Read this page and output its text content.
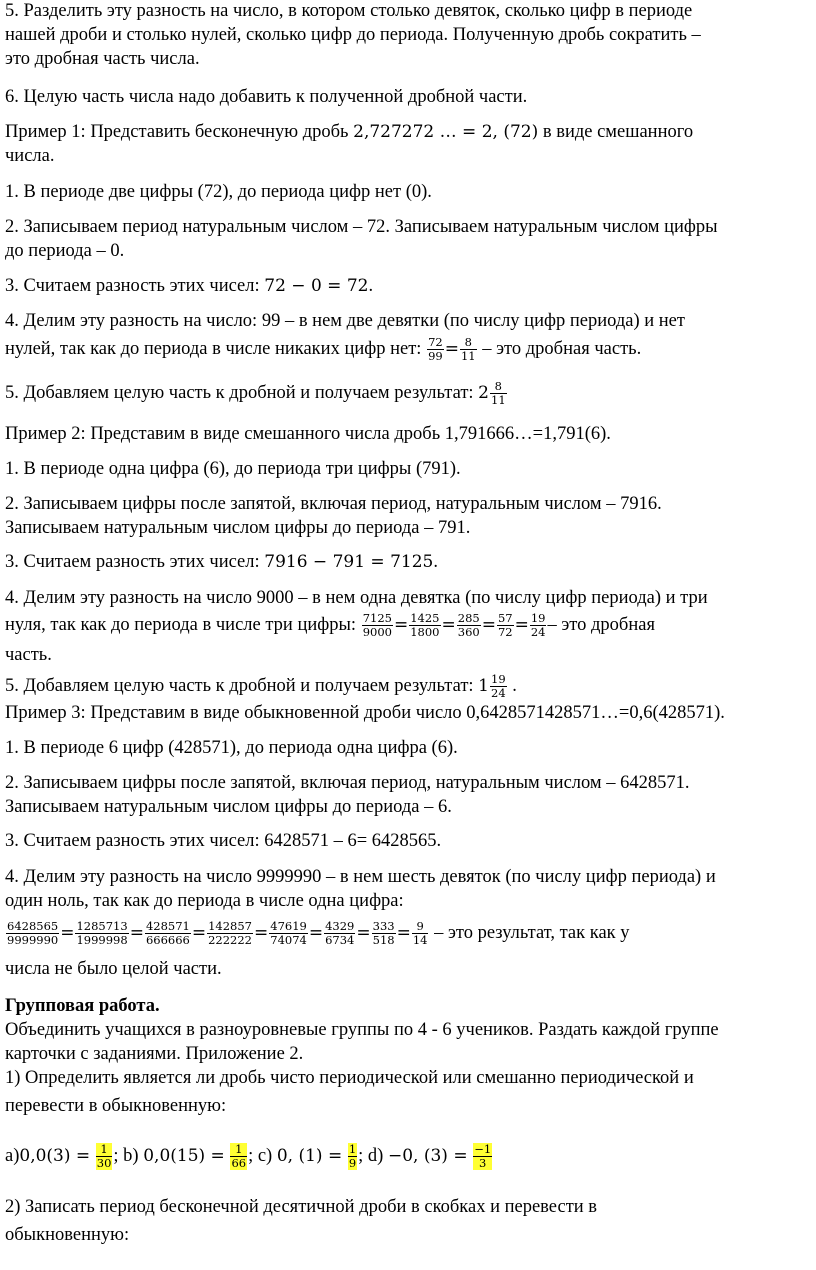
5. Разделить эту разность на число, в котором столько девяток, сколько цифр в периоде
нашей дроби и столько нулей, сколько цифр до периода. Полученную дробь сократить –
это дробная часть числа.
6. Целую часть числа надо добавить к полученной дробной части.
Пример 1: Представить бесконечную дробь 2,727272 … = 2, (72) в виде смешанного
числа.
1. В периоде две цифры (72), до периода цифр нет (0).
2. Записываем период натуральным числом – 72. Записываем натуральным числом цифры
до периода – 0.
3. Считаем разность этих чисел: 72 − 0 = 72.
4. Делим эту разность на число: 99 – в нем две девятки (по числу цифр периода) и нет
нулей, так как до периода в числе никаких цифр нет: $\frac{72}{99} = \frac{8}{11}$ – это дробная часть.
5. Добавляем целую часть к дробной и получаем результат: $2 \frac{8}{11}$
Пример 2: Представим в виде смешанного числа дробь 1,791666…=1,791(6).
1. В периоде одна цифра (6), до периода три цифры (791).
2. Записываем цифры после запятой, включая период, натуральным числом – 7916.
Записываем натуральным числом цифры до периода – 791.
3. Считаем разность этих чисел: 7916 − 791 = 7125.
4. Делим эту разность на число 9000 – в нем одна девятка (по числу цифр периода) и три
нуля, так как до периода в числе три цифры: $\frac{7125}{9000} = \frac{1425}{1800} = \frac{285}{360} = \frac{57}{72} = \frac{19}{24}$ – это дробная
часть.
5. Добавляем целую часть к дробной и получаем результат: $1 \frac{19}{24}$ .
Пример 3: Представим в виде обыкновенной дроби число 0,6428571428571…=0,6(428571).
1. В периоде 6 цифр (428571), до периода одна цифра (6).
2. Записываем цифры после запятой, включая период, натуральным числом – 6428571.
Записываем натуральным числом цифры до периода – 6.
3. Считаем разность этих чисел: 6428571 – 6= 6428565.
4. Делим эту разность на число 9999990 – в нем шесть девяток (по числу цифр периода) и
один ноль, так как до периода в числе одна цифра:
$\frac{6428565}{9999990} = \frac{1285713}{1999998} = \frac{428571}{666666} = \frac{142857}{222222} = \frac{47619}{74074} = \frac{4329}{6734} = \frac{333}{518} = \frac{9}{14}$ – это результат, так как у
числа не было целой части.
Групповая работа.
Объединить учащихся в разноуровневые группы по 4 - 6 учеников. Раздать каждой группе
карточки с заданиями. Приложение 2.
1) Определить является ли дробь чисто периодической или смешанно периодической и
перевести в обыкновенную:
$a)0,0(3) = \frac{1}{30}$ ; b) $0,0(15) = \frac{1}{66}$ ; c) 0, $(1) = \frac{1}{9}$ ; d) −0, $(3) = \frac{-1}{3}$
2) Записать период бесконечной десятичной дроби в скобках и перевести в
обыкновенную:
